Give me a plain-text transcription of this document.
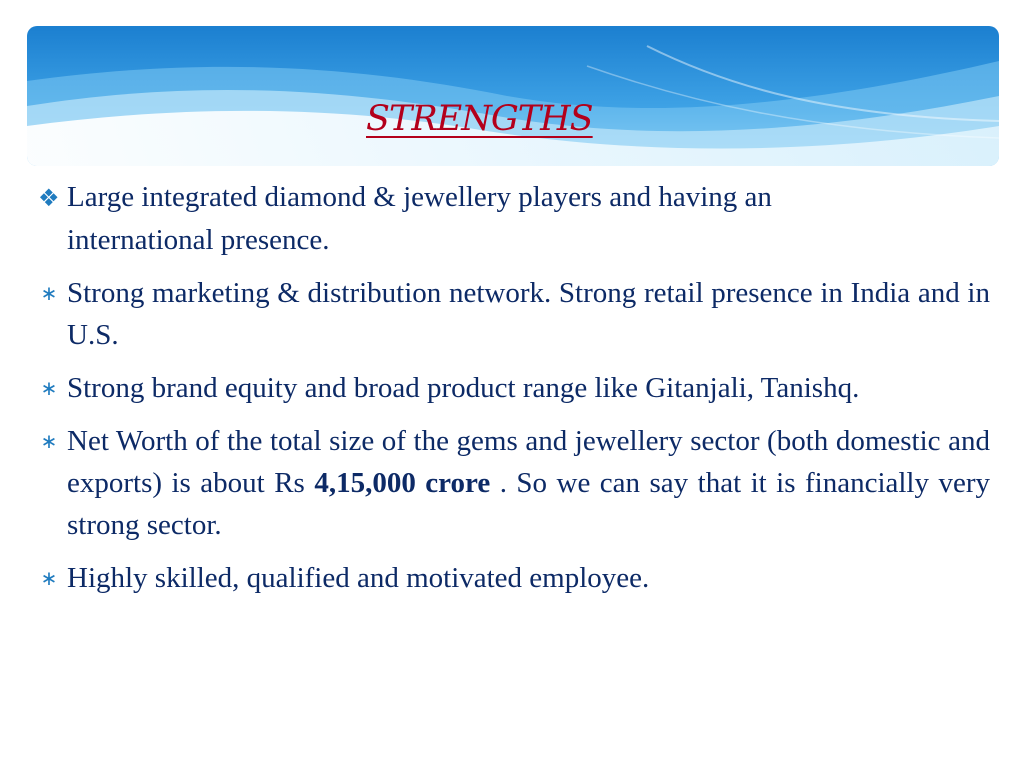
STRENGTHS
❖ Large integrated diamond & jewellery players and having an
international presence.
∗ Strong marketing & distribution network. Strong retail presence in India and in U.S.
∗ Strong brand equity and broad product range like Gitanjali, Tanishq.
∗ Net Worth of the total size of the gems and jewellery sector (both domestic and exports) is about Rs 4,15,000 crore . So we can say that it is financially very strong sector.
∗ Highly skilled, qualified and motivated employee.
